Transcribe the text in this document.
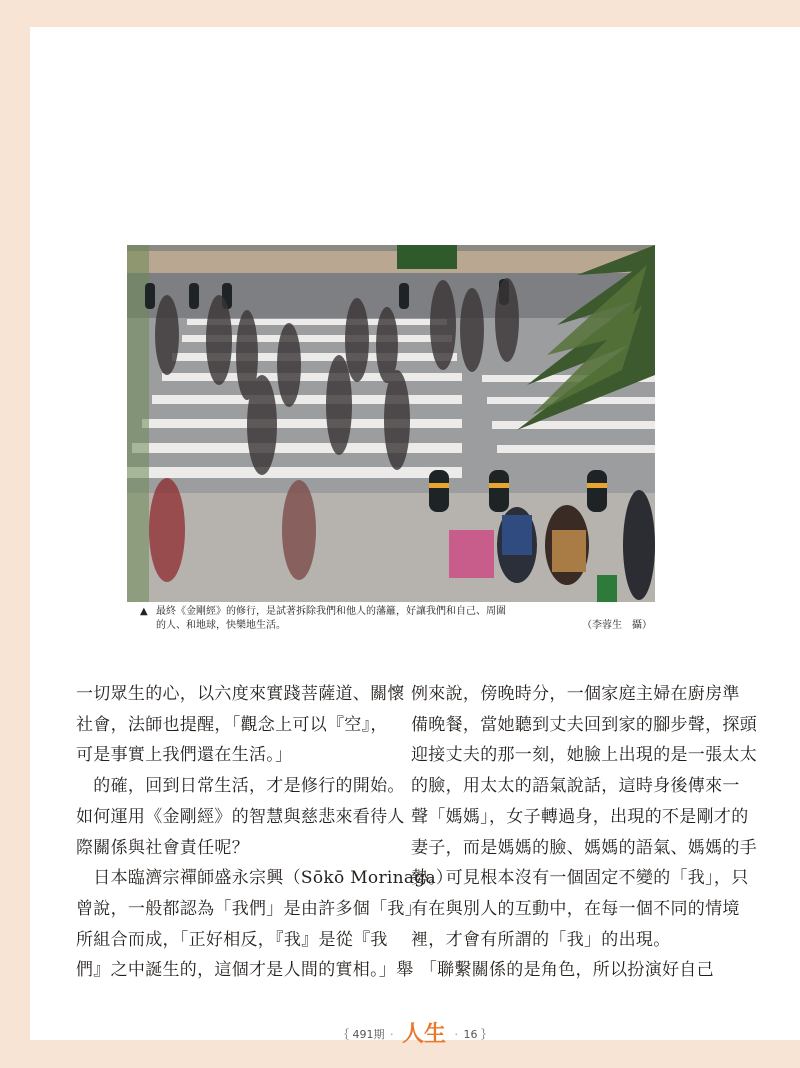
▲ 最終《金剛經》的修行，是試著拆除我們和他人的藩籬，好讓我們和自己、周圍
的人、和地球，快樂地生活。	（李蓉生　攝）

一切眾生的心，以六度來實踐菩薩道、關懷

社會，法師也提醒，「觀念上可以『空』，

可是事實上我們還在生活。」

　的確，回到日常生活，才是修行的開始。

如何運用《金剛經》的智慧與慈悲來看待人

際關係與社會責任呢？

　日本臨濟宗禪師盛永宗興（Sōkō Morinaga）

曾說，一般都認為「我們」是由許多個「我」

所組合而成，「正好相反，『我』是從『我

們』之中誕生的，這個才是人間的實相。」舉

例來說，傍晚時分，一個家庭主婦在廚房準

備晚餐，當她聽到丈夫回到家的腳步聲，探頭

迎接丈夫的那一刻，她臉上出現的是一張太太

的臉，用太太的語氣說話，這時身後傳來一

聲「媽媽」，女子轉過身，出現的不是剛才的

妻子，而是媽媽的臉、媽媽的語氣、媽媽的手

勢。可見根本沒有一個固定不變的「我」，只

有在與別人的互動中，在每一個不同的情境

裡，才會有所謂的「我」的出現。

　「聯繫關係的是角色，所以扮演好自己

｛ 491期 · 人生 · 16 ｝
